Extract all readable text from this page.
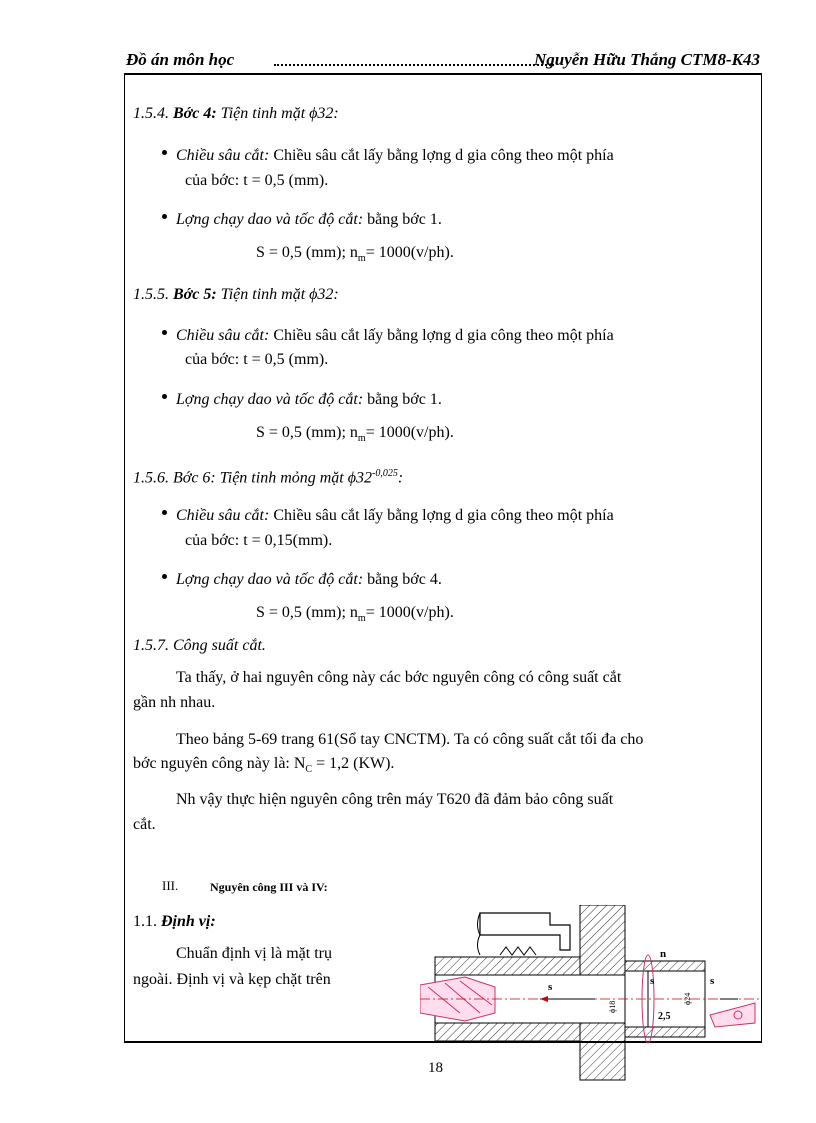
Đồ án môn học	Nguyễn Hữu Thắng CTM8-K43
1.5.4. Bớc 4: Tiện tinh mặt ϕ32:
Chiều sâu cắt: Chiều sâu cắt lấy bằng lợng d gia công theo một phía
của bớc: t = 0,5 (mm).
Lợng chạy dao và tốc độ cắt: bằng bớc 1.
S = 0,5 (mm); $n_m= 1000(v/ph)$.
1.5.5. Bớc 5: Tiện tinh mặt ϕ32:
Chiều sâu cắt: Chiều sâu cắt lấy bằng lợng d gia công theo một phía
của bớc: t = 0,5 (mm).
Lợng chạy dao và tốc độ cắt: bằng bớc 1.
S = 0,5 (mm); $n_m= 1000(v/ph)$.
1.5.6. Bớc 6: Tiện tinh mỏng mặt $\phi 32^{-0,025}$:
Chiều sâu cắt: Chiều sâu cắt lấy bằng lợng d gia công theo một phía
của bớc: t = 0,15(mm).
Lợng chạy dao và tốc độ cắt: bằng bớc 4.
S = 0,5 (mm); $n_m= 1000(v/ph)$.
1.5.7. Công suất cắt.
Ta thấy, ở hai nguyên công này các bớc nguyên công có công suất cắt
gần nh nhau.
Theo bảng 5-69 trang 61(Sổ tay CNCTM). Ta có công suất cắt tối đa cho
bớc nguyên công này là: $N_C = 1,2$ (KW).
Nh vậy thực hiện nguyên công trên máy T620 đã đảm bảo công suất
cắt.
III.	Nguyên công III và IV:
1.1. Định vị:
Chuẩn định vị là mặt trụ
ngoài. Định vị và kẹp chặt trên	s
n
s	s
2,5
ϕ18
ϕ24
18
